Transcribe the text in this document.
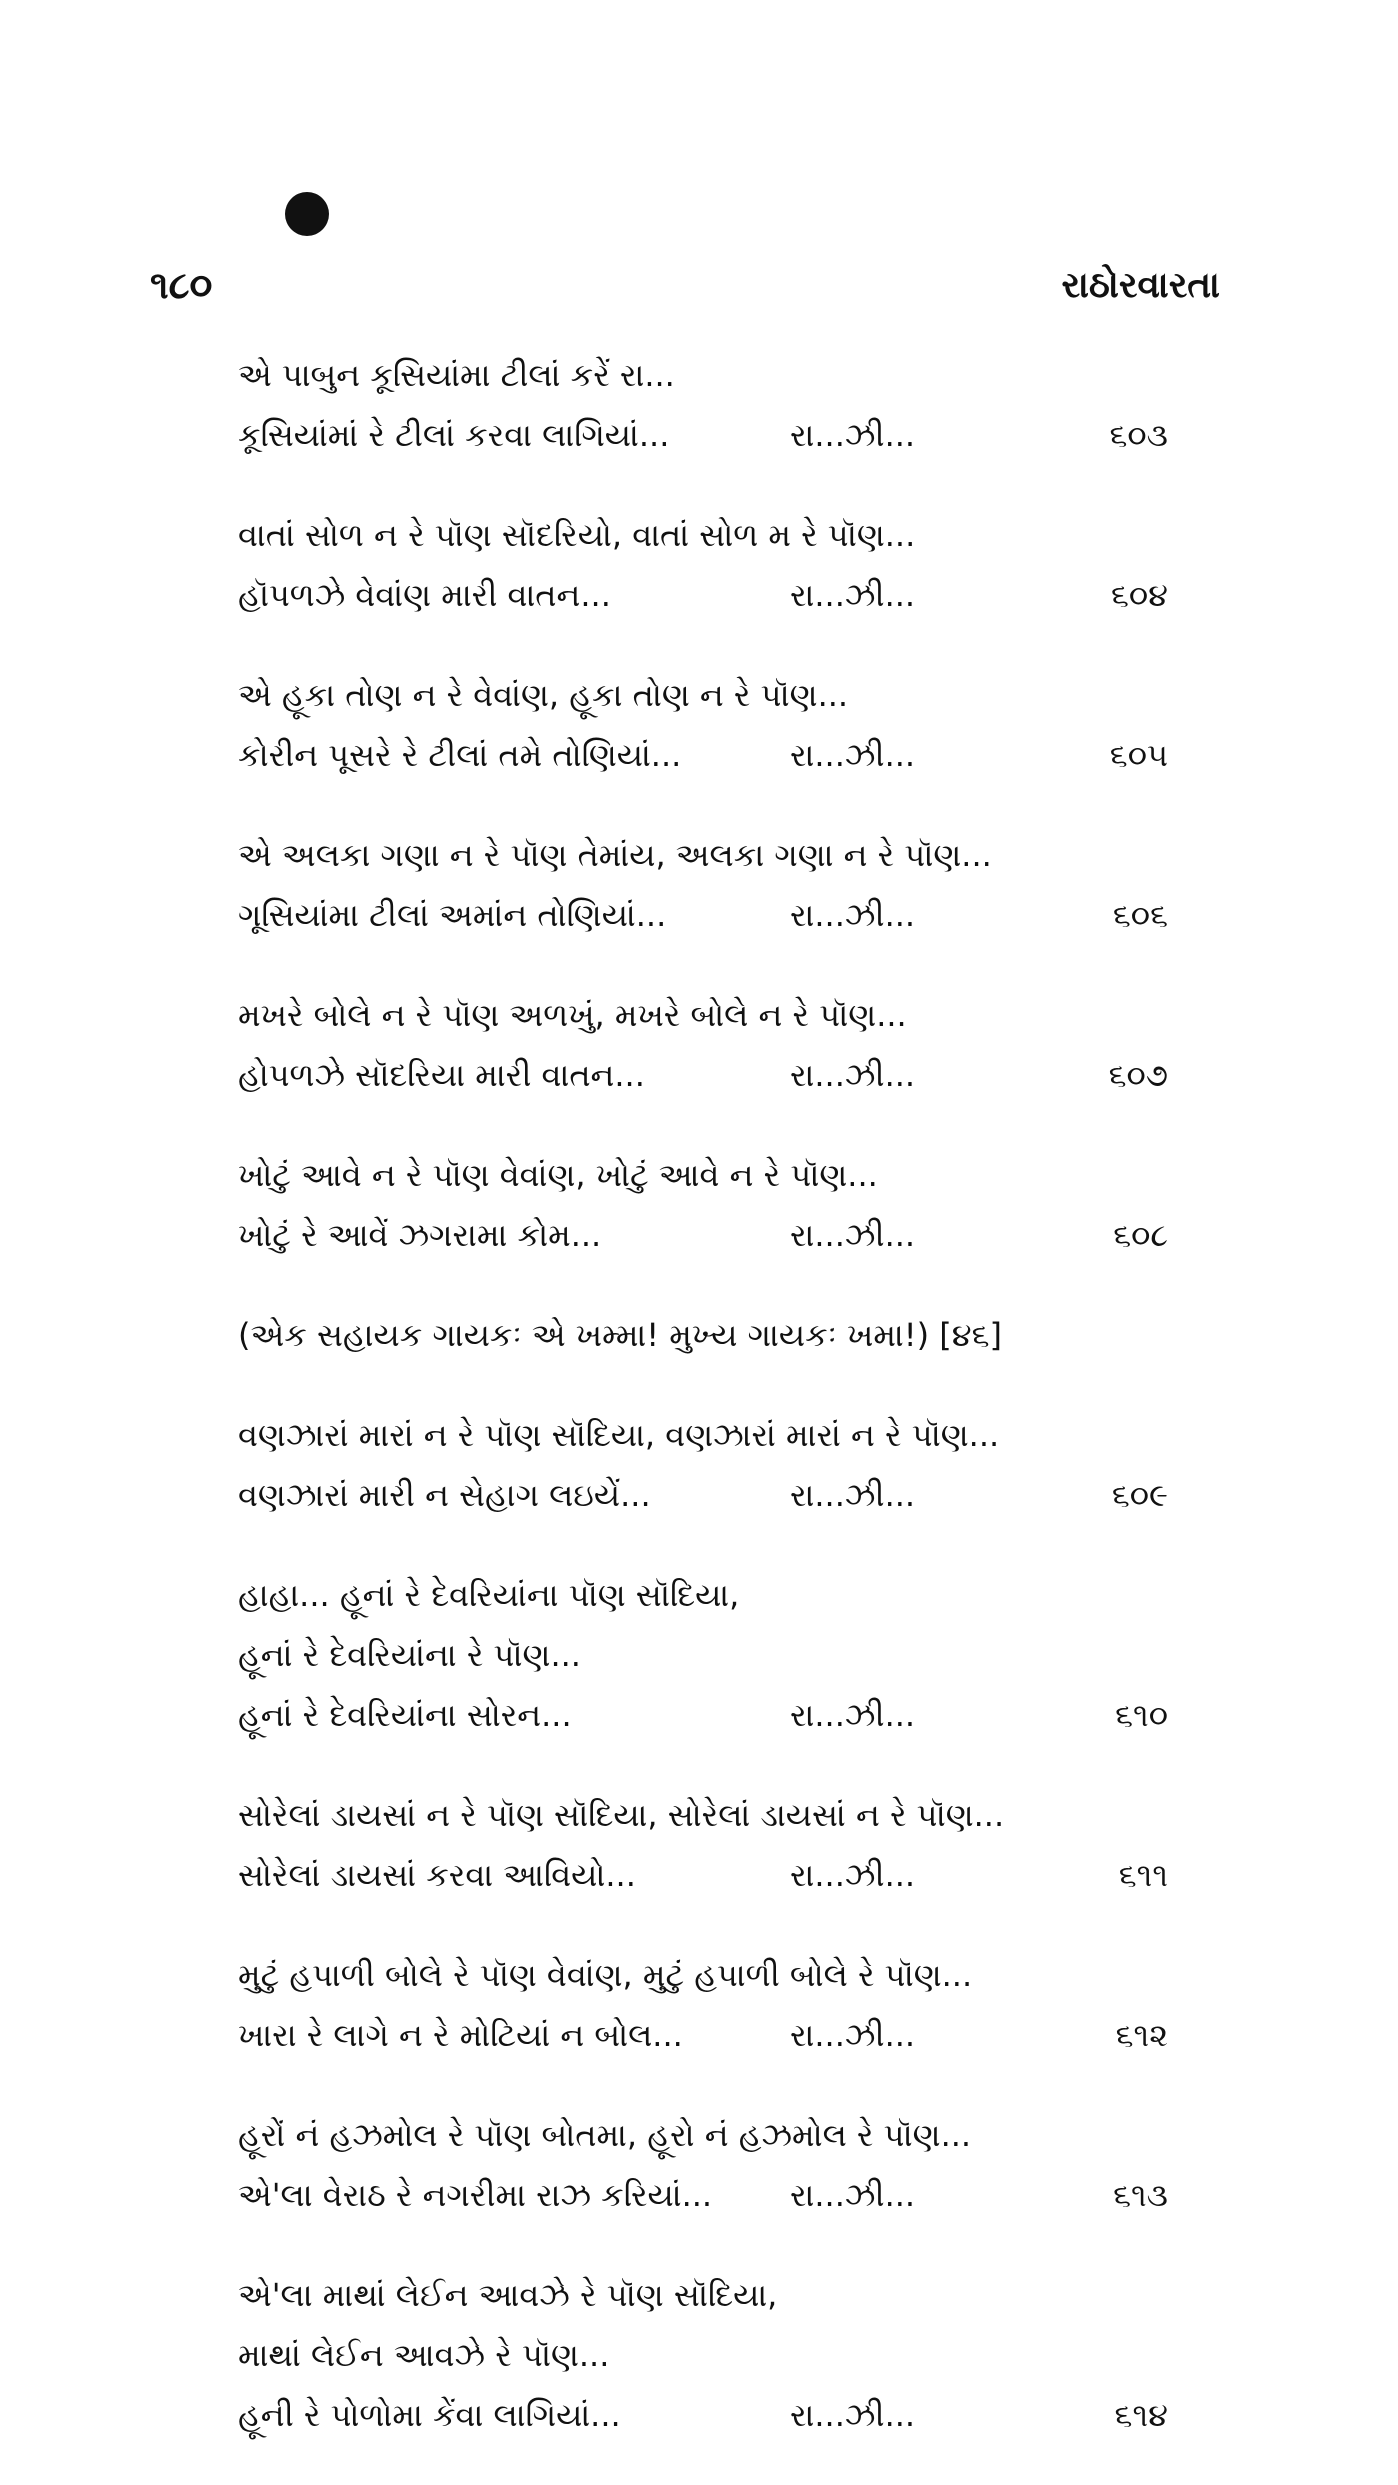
૧૮૦	રાઠોરવારતા
એ પાબુન કૂસિયાંમા ટીલાં કરેં રા...
કૂસિયાંમાં રે ટીલાં કરવા લાગિયાં...	રા...ઝી...	૬૦૩
વાતાં સોળ ન રે પૉણ સૉદરિયો, વાતાં સોળ મ રે પૉણ...
હૉપળઝે વેવાંણ મારી વાતન...	રા...ઝી...	૬૦૪
એ હૂકા તોણ ન રે વેવાંણ, હૂકા તોણ ન રે પૉણ...
કોરીન પૂસરે રે ટીલાં તમે તોણિયાં...	રા...ઝી...	૬૦૫
એ અલકા ગણા ન રે પૉણ તેમાંય, અલકા ગણા ન રે પૉણ...
ગૂસિયાંમા ટીલાં અમાંન તોણિયાં...	રા...ઝી...	૬૦૬
મખરે બોલે ન રે પૉણ અળખું, મખરે બોલે ન રે પૉણ...
હોપળઝે સૉદરિયા મારી વાતન...	રા...ઝી...	૬૦૭
ખોટું આવે ન રે પૉણ વેવાંણ, ખોટું આવે ન રે પૉણ...
ખોટું રે આવેં ઝગરામા કોમ...	રા...ઝી...	૬૦૮
(એક સહાયક ગાયકઃ એ ખમ્મા! મુખ્ય ગાયકઃ ખમા!) [૪૬]
વણઝારાં મારાં ન રે પૉણ સૉદિયા, વણઝારાં મારાં ન રે પૉણ...
વણઝારાં મારી ન સેહાગ લઇયેં...	રા...ઝી...	૬૦૯
હાહા... હૂનાં રે દેવરિયાંના પૉણ સૉદિયા,
હૂનાં રે દેવરિયાંના રે પૉણ...
હૂનાં રે દેવરિયાંના સોરન...	રા...ઝી...	૬૧૦
સોરેલાં ડાયસાં ન રે પૉણ સૉદિયા, સોરેલાં ડાયસાં ન રે પૉણ...
સોરેલાં ડાયસાં કરવા આવિયો...	રા...ઝી...	૬૧૧
મુટું હપાળી બોલે રે પૉણ વેવાંણ, મુટું હપાળી બોલે રે પૉણ...
ખારા રે લાગે ન રે મોટિયાં ન બોલ...	રા...ઝી...	૬૧૨
હૂરોં નં હઝમોલ રે પૉણ બોતમા, હૂરો નં હઝમોલ રે પૉણ...
એ'લા વેરાઠ રે નગરીમા રાઝ કરિયાં... રા...ઝી...	૬૧૩
એ'લા માથાં લેઈન આવઝે રે પૉણ સૉદિયા,
માથાં લેઈન આવઝે રે પૉણ...
હૂની રે પોળોમા કેંવા લાગિયાં...	રા...ઝી...	૬૧૪
